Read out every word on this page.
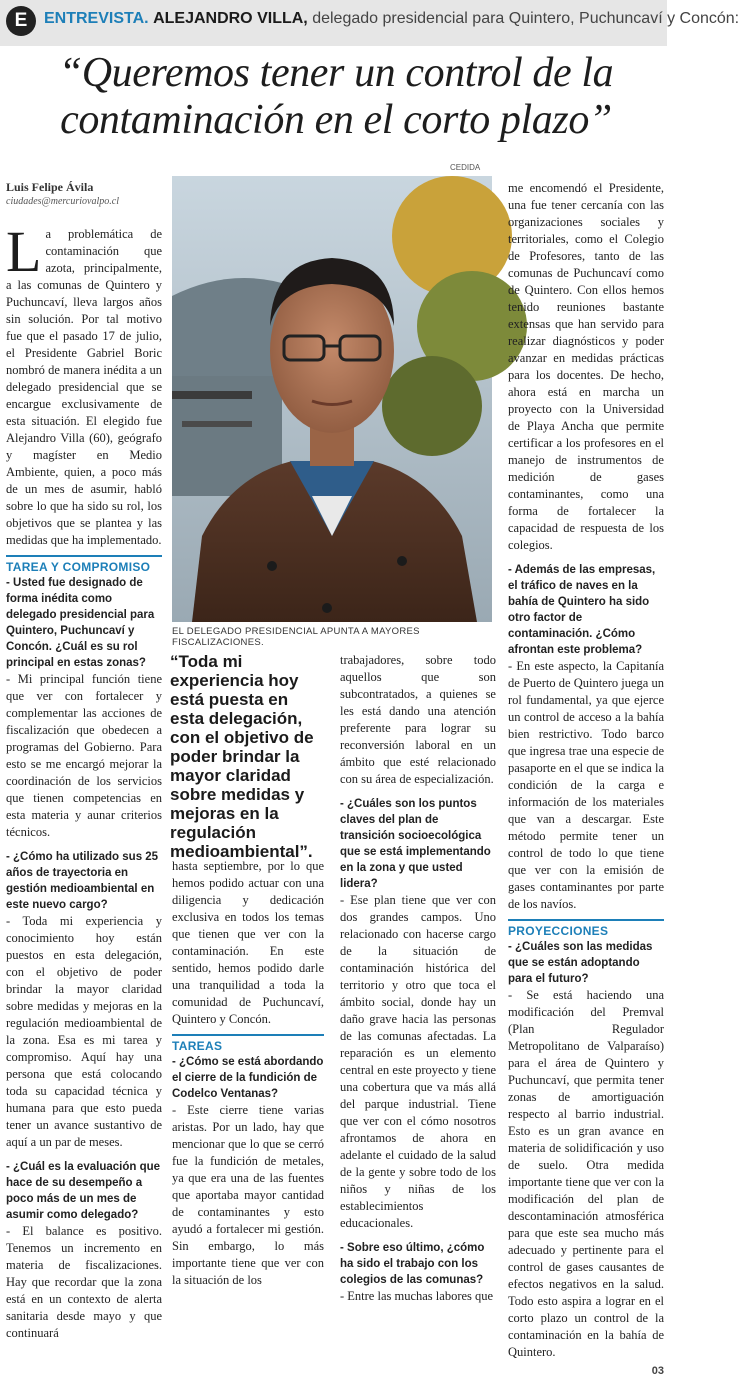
E	ENTREVISTA. ALEJANDRO VILLA, delegado presidencial para Quintero, Puchuncaví y Concón:
“Queremos tener un control de la contaminación en el corto plazo”
CEDIDA
Luis Felipe Ávila
ciudades@mercuriovalpo.cl
EL DELEGADO PRESIDENCIAL APUNTA A MAYORES FISCALIZACIONES.
“Toda mi experiencia hoy está puesta en esta delegación, con el objetivo de poder brindar la mayor claridad sobre medidas y mejoras en la regulación medioambiental”.

La problemática de contaminación que azota, principalmente, a las comunas de Quintero y Puchuncaví, lleva largos años sin solución. Por tal motivo fue que el pasado 17 de julio, el Presidente Gabriel Boric nombró de manera inédita a un delegado presidencial que se encargue exclusivamente de esta situación. El elegido fue Alejandro Villa (60), geógrafo y magíster en Medio Ambiente, quien, a poco más de un mes de asumir, habló sobre lo que ha sido su rol, los objetivos que se plantea y las medidas que ha implementado.

TAREA Y COMPROMISO
- Usted fue designado de forma inédita como delegado presidencial para Quintero, Puchuncaví y Concón. ¿Cuál es su rol principal en estas zonas?

- Mi principal función tiene que ver con fortalecer y complementar las acciones de fiscalización que obedecen a programas del Gobierno. Para esto se me encargó mejorar la coordinación de los servicios que tienen competencias en esta materia y aunar criterios técnicos.

- ¿Cómo ha utilizado sus 25 años de trayectoria en gestión medioambiental en este nuevo cargo?

- Toda mi experiencia y conocimiento hoy están puestos en esta delegación, con el objetivo de poder brindar la mayor claridad sobre medidas y mejoras en la regulación medioambiental de la zona. Esa es mi tarea y compromiso. Aquí hay una persona que está colocando toda su capacidad técnica y humana para que esto pueda tener un avance sustantivo de aquí a un par de meses.

- ¿Cuál es la evaluación que hace de su desempeño a poco más de un mes de asumir como delegado?

- El balance es positivo. Tenemos un incremento en materia de fiscalizaciones. Hay que recordar que la zona está en un contexto de alerta sanitaria desde mayo y que continuará

hasta septiembre, por lo que hemos podido actuar con una diligencia y dedicación exclusiva en todos los temas que tienen que ver con la contaminación. En este sentido, hemos podido darle una tranquilidad a toda la comunidad de Puchuncaví, Quintero y Concón.

TAREAS
- ¿Cómo se está abordando el cierre de la fundición de Codelco Ventanas?

- Este cierre tiene varias aristas. Por un lado, hay que mencionar que lo que se cerró fue la fundición de metales, ya que era una de las fuentes que aportaba mayor cantidad de contaminantes y esto ayudó a fortalecer mi gestión. Sin embargo, lo más importante tiene que ver con la situación de los

trabajadores, sobre todo aquellos que son subcontratados, a quienes se les está dando una atención preferente para lograr su reconversión laboral en un ámbito que esté relacionado con su área de especialización.

- ¿Cuáles son los puntos claves del plan de transición socioecológica que se está implementando en la zona y que usted lidera?

- Ese plan tiene que ver con dos grandes campos. Uno relacionado con hacerse cargo de la situación de contaminación histórica del territorio y otro que toca el ámbito social, donde hay un daño grave hacia las personas de las comunas afectadas. La reparación es un elemento central en este proyecto y tiene una cobertura que va más allá del parque industrial. Tiene que ver con el cómo nosotros afrontamos de ahora en adelante el cuidado de la salud de la gente y sobre todo de los niños y niñas de los establecimientos educacionales.

- Sobre eso último, ¿cómo ha sido el trabajo con los colegios de las comunas?

- Entre las muchas labores que

me encomendó el Presidente, una fue tener cercanía con las organizaciones sociales y territoriales, como el Colegio de Profesores, tanto de las comunas de Puchuncaví como de Quintero. Con ellos hemos tenido reuniones bastante extensas que han servido para realizar diagnósticos y poder avanzar en medidas prácticas para los docentes. De hecho, ahora está en marcha un proyecto con la Universidad de Playa Ancha que permite certificar a los profesores en el manejo de instrumentos de medición de gases contaminantes, como una forma de fortalecer la capacidad de respuesta de los colegios.

- Además de las empresas, el tráfico de naves en la bahía de Quintero ha sido otro factor de contaminación. ¿Cómo afrontan este problema?

- En este aspecto, la Capitanía de Puerto de Quintero juega un rol fundamental, ya que ejerce un control de acceso a la bahía bien restrictivo. Todo barco que ingresa trae una especie de pasaporte en el que se indica la condición de la carga e información de los materiales que van a descargar. Este método permite tener un control de todo lo que tiene que ver con la emisión de gases contaminantes por parte de los navíos.

PROYECCIONES
- ¿Cuáles son las medidas que se están adoptando para el futuro?

- Se está haciendo una modificación del Premval (Plan Regulador Metropolitano de Valparaíso) para el área de Quintero y Puchuncaví, que permita tener zonas de amortiguación respecto al barrio industrial. Esto es un gran avance en materia de solidificación y uso de suelo. Otra medida importante tiene que ver con la modificación del plan de descontaminación atmosférica para que este sea mucho más adecuado y pertinente para el control de gases causantes de efectos negativos en la salud. Todo esto aspira a lograr en el corto plazo un control de la contaminación en la bahía de Quintero.

03
